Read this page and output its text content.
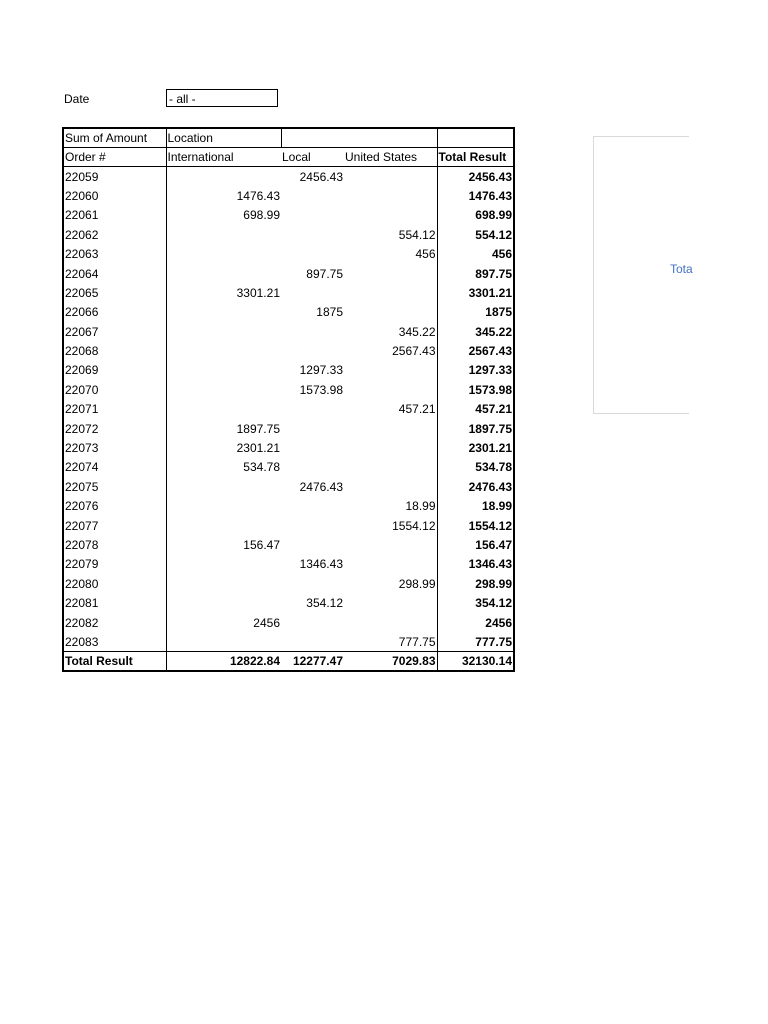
Date	- all -
Sum of Amount	Location			
Order #	International	Local	United States	Total Result
22059		2456.43		2456.43
22060	1476.43			1476.43
22061	698.99			698.99
22062			554.12	554.12
22063			456	456
22064		897.75		897.75
22065	3301.21			3301.21
22066		1875		1875
22067			345.22	345.22
22068			2567.43	2567.43
22069		1297.33		1297.33
22070		1573.98		1573.98
22071			457.21	457.21
22072	1897.75			1897.75
22073	2301.21			2301.21
22074	534.78			534.78
22075		2476.43		2476.43
22076			18.99	18.99
22077			1554.12	1554.12
22078	156.47			156.47
22079		1346.43		1346.43
22080			298.99	298.99
22081		354.12		354.12
22082	2456			2456
22083			777.75	777.75
Total Result	12822.84	12277.47	7029.83	32130.14
Tota
